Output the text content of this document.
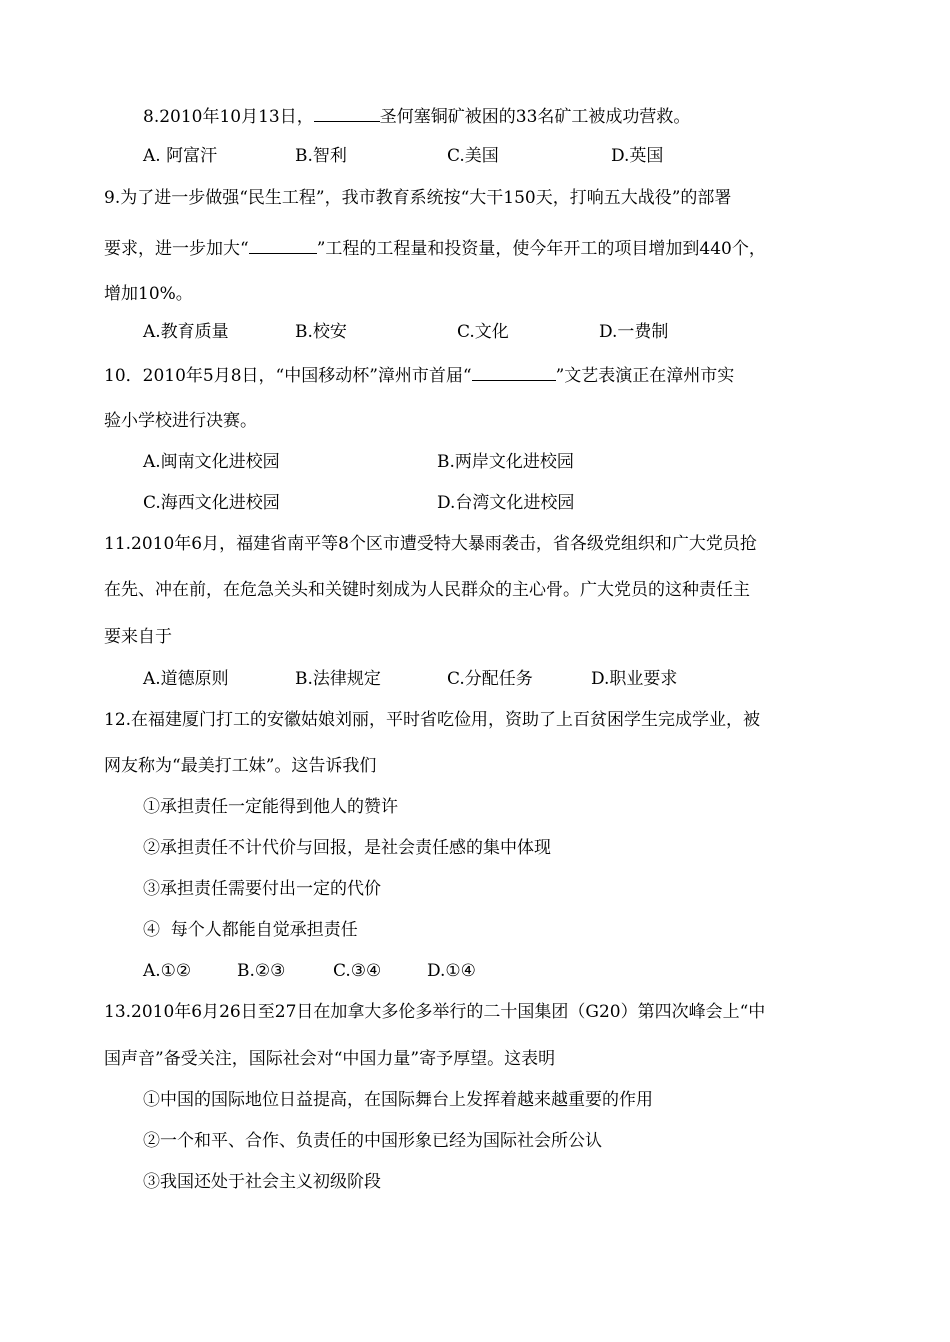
8.2010年10月13日，	圣何塞铜矿被困的33名矿工被成功营救。
A. 阿富汗	B.智利	C.美国	D.英国
9.为了进一步做强“民生工程”，我市教育系统按“大干150天，打响五大战役”的部署
要求，进一步加大“	”工程的工程量和投资量，使今年开工的项目增加到440个，
增加10%。
A.教育质量	B.校安	C.文化	D.一费制
10．2010年5月8日，“中国移动杯”漳州市首届“	”文艺表演正在漳州市实
验小学校进行决赛。
A.闽南文化进校园	B.两岸文化进校园
C.海西文化进校园	D.台湾文化进校园
11.2010年6月，福建省南平等8个区市遭受特大暴雨袭击，省各级党组织和广大党员抢
在先、冲在前，在危急关头和关键时刻成为人民群众的主心骨。广大党员的这种责任主
要来自于
A.道德原则	B.法律规定	C.分配任务	D.职业要求
12.在福建厦门打工的安徽姑娘刘丽，平时省吃俭用，资助了上百贫困学生完成学业，被
网友称为“最美打工妹”。这告诉我们
①承担责任一定能得到他人的赞许
②承担责任不计代价与回报，是社会责任感的集中体现
③承担责任需要付出一定的代价
④  每个人都能自觉承担责任
A.①②	B.②③	C.③④	D.①④
13.2010年6月26日至27日在加拿大多伦多举行的二十国集团（G20）第四次峰会上“中
国声音”备受关注，国际社会对“中国力量”寄予厚望。这表明
①中国的国际地位日益提高，在国际舞台上发挥着越来越重要的作用
②一个和平、合作、负责任的中国形象已经为国际社会所公认
③我国还处于社会主义初级阶段
